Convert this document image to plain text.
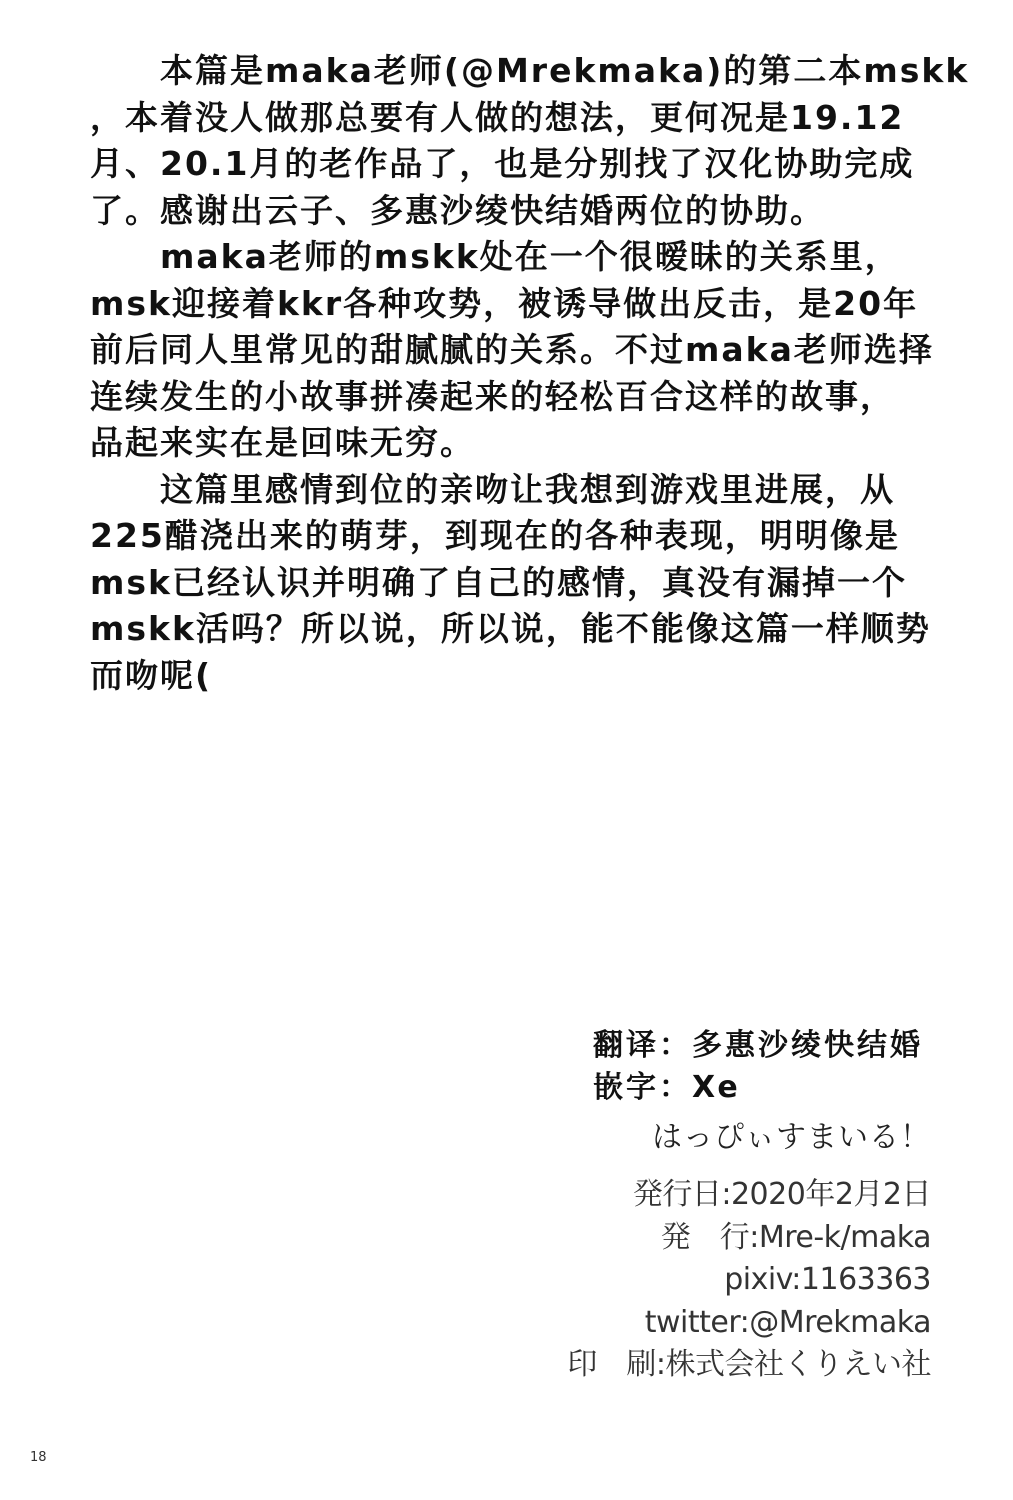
　　本篇是maka老师(@Mrekmaka)的第二本mskk
，本着没人做那总要有人做的想法，更何况是19.12
月、20.1月的老作品了，也是分别找了汉化协助完成
了。感谢出云子、多惠沙绫快结婚两位的协助。
　　maka老师的mskk处在一个很暧昧的关系里，
msk迎接着kkr各种攻势，被诱导做出反击，是20年
前后同人里常见的甜腻腻的关系。不过maka老师选择
连续发生的小故事拼凑起来的轻松百合这样的故事，
品起来实在是回味无穷。
　　这篇里感情到位的亲吻让我想到游戏里进展，从
225醋浇出来的萌芽，到现在的各种表现，明明像是
msk已经认识并明确了自己的感情，真没有漏掉一个
mskk活吗？所以说，所以说，能不能像这篇一样顺势
而吻呢(
翻译：多惠沙绫快结婚
嵌字：Xe
はっぴぃすまいる！
発行日:2020年2月2日
発　行:Mre-k/maka
pixiv:1163363
twitter:@Mrekmaka
印　刷:株式会社くりえい社
18
